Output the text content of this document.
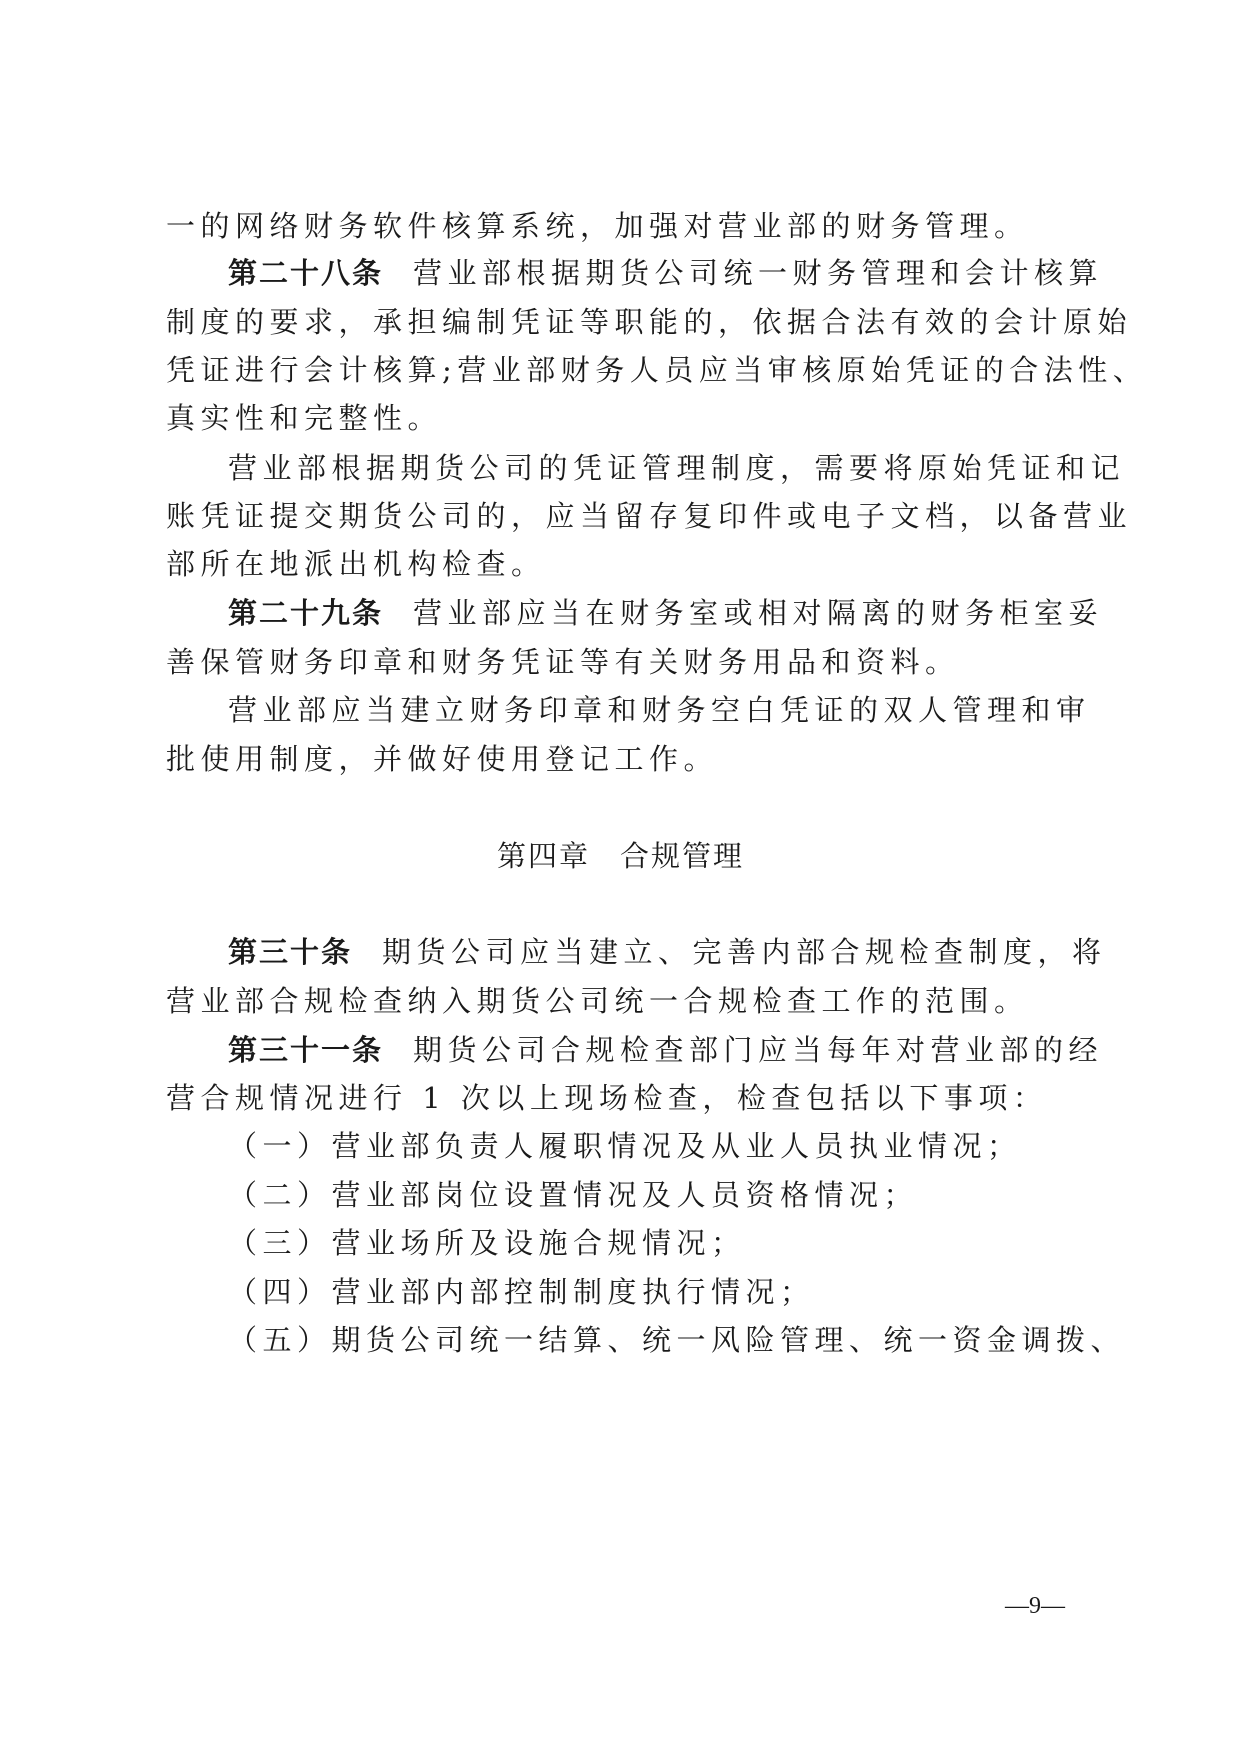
一的网络财务软件核算系统，加强对营业部的财务管理。
第二十八条 营业部根据期货公司统一财务管理和会计核算
制度的要求，承担编制凭证等职能的，依据合法有效的会计原始
凭证进行会计核算;营业部财务人员应当审核原始凭证的合法性、
真实性和完整性。
营业部根据期货公司的凭证管理制度，需要将原始凭证和记
账凭证提交期货公司的，应当留存复印件或电子文档，以备营业
部所在地派出机构检查。
第二十九条 营业部应当在财务室或相对隔离的财务柜室妥
善保管财务印章和财务凭证等有关财务用品和资料。
营业部应当建立财务印章和财务空白凭证的双人管理和审
批使用制度，并做好使用登记工作。
第四章 合规管理
第三十条 期货公司应当建立、完善内部合规检查制度，将
营业部合规检查纳入期货公司统一合规检查工作的范围。
第三十一条 期货公司合规检查部门应当每年对营业部的经
营合规情况进行 1 次以上现场检查，检查包括以下事项：
（一）营业部负责人履职情况及从业人员执业情况；
（二）营业部岗位设置情况及人员资格情况；
（三）营业场所及设施合规情况；
（四）营业部内部控制制度执行情况；
（五）期货公司统一结算、统一风险管理、统一资金调拨、
—9—
